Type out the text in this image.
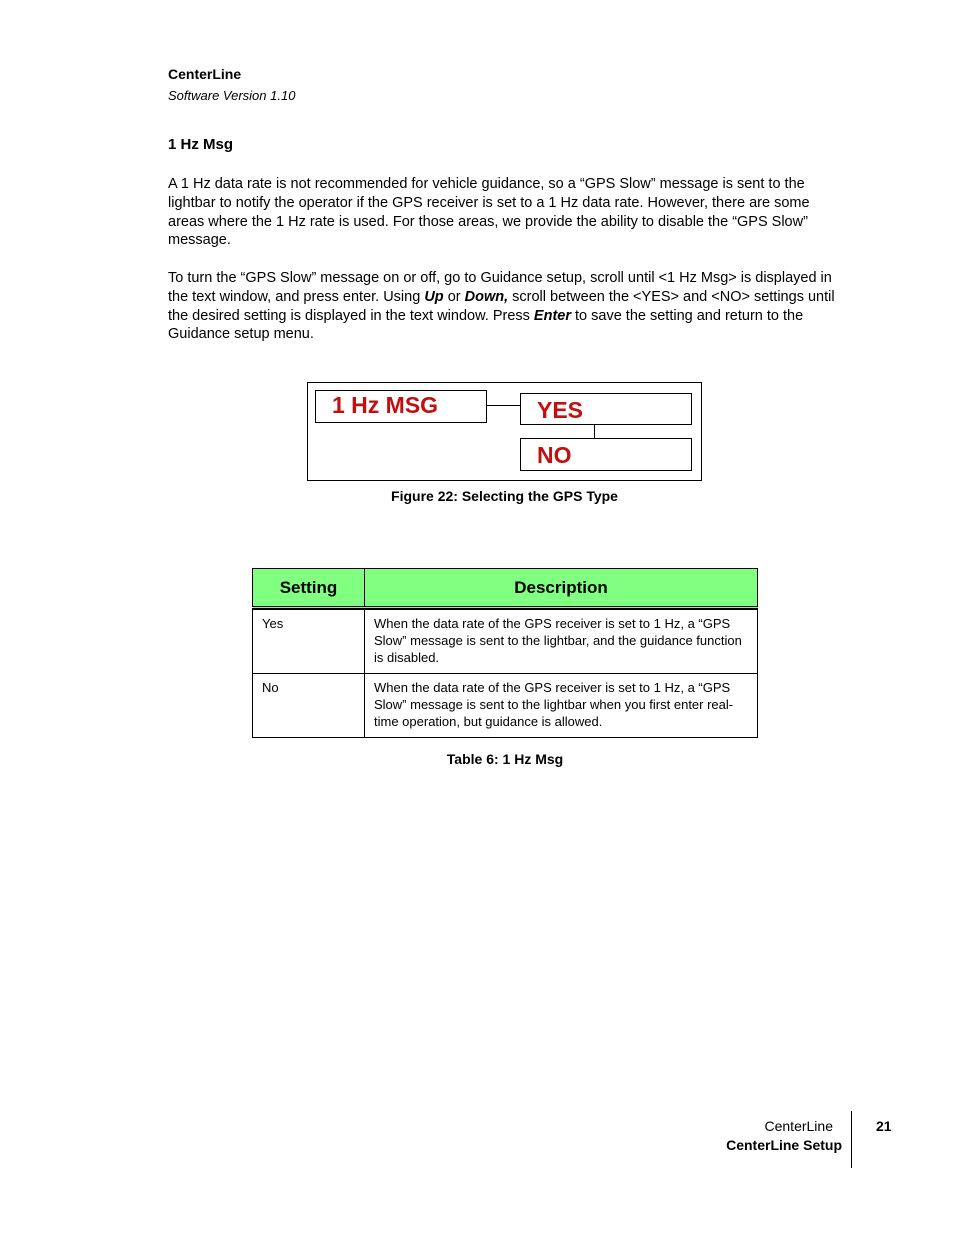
CenterLine
Software Version 1.10
1 Hz Msg
A 1 Hz data rate is not recommended for vehicle guidance, so a “GPS Slow” message is sent to the lightbar to notify the operator if the GPS receiver is set to a 1 Hz data rate. However, there are some areas where the 1 Hz rate is used. For those areas, we provide the ability to disable the “GPS Slow” message.
To turn the “GPS Slow” message on or off, go to Guidance setup, scroll until <1 Hz Msg> is displayed in the text window, and press enter. Using Up or Down, scroll between the <YES> and <NO> settings until the desired setting is displayed in the text window. Press Enter to save the setting and return to the Guidance setup menu.
1 Hz MSG	YES
NO
Figure 22: Selecting the GPS Type
Setting	Description

Yes	When the data rate of the GPS receiver is set to 1 Hz, a “GPS Slow” message is sent to the lightbar, and the guidance function is disabled.
No	When the data rate of the GPS receiver is set to 1 Hz, a “GPS Slow” message is sent to the lightbar when you first enter real-time operation, but guidance is allowed.
Table 6: 1 Hz Msg
CenterLine
CenterLine Setup
21
